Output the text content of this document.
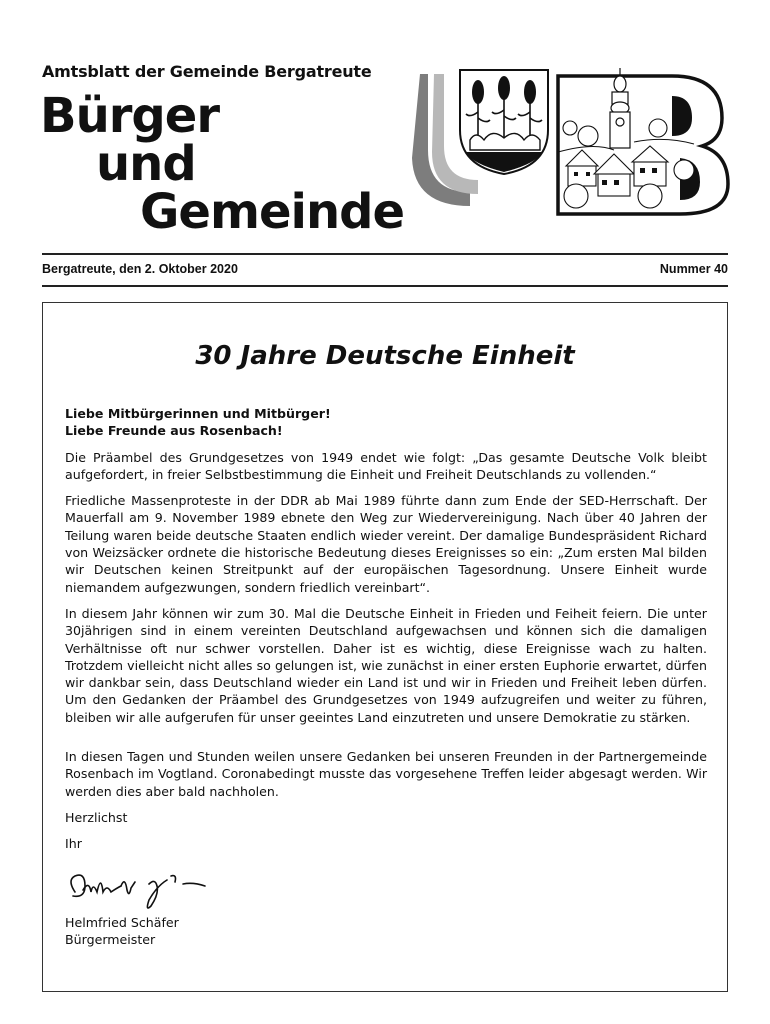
Amtsblatt der Gemeinde Bergatreute
Bürger
und
Gemeinde
B
Bergatreute, den 2. Oktober 2020	Nummer 40
30 Jahre Deutsche Einheit

Liebe Mitbürgerinnen und Mitbürger!
Liebe Freunde aus Rosenbach!

Die Präambel des Grundgesetzes von 1949 endet wie folgt: „Das gesamte Deutsche Volk bleibt aufgefordert, in freier Selbstbestimmung die Einheit und Freiheit Deutschlands zu vollenden.“

Friedliche Massenproteste in der DDR ab Mai 1989 führte dann zum Ende der SED-Herrschaft. Der Mauerfall am 9. November 1989 ebnete den Weg zur Wiedervereinigung. Nach über 40 Jahren der Teilung waren beide deutsche Staaten endlich wieder vereint. Der damalige Bundespräsident Richard von Weizsäcker ordnete die historische Bedeutung dieses Ereignisses so ein: „Zum ersten Mal bilden wir Deutschen keinen Streitpunkt auf der europäischen Tagesordnung. Unsere Einheit wurde niemandem aufgezwungen, sondern friedlich vereinbart“.

In diesem Jahr können wir zum 30. Mal die Deutsche Einheit in Frieden und Feiheit feiern. Die unter 30jährigen sind in einem vereinten Deutschland aufgewachsen und können sich die damaligen Verhältnisse oft nur schwer vorstellen. Daher ist es wichtig, diese Ereignisse wach zu halten. Trotzdem vielleicht nicht alles so gelungen ist, wie zunächst in einer ersten Euphorie erwartet, dürfen wir dankbar sein, dass Deutschland wieder ein Land ist und wir in Frieden und Freiheit leben dürfen. Um den Gedanken der Präambel des Grundgesetzes von 1949 aufzugreifen und weiter zu führen, bleiben wir alle aufgerufen für unser geeintes Land einzutreten und unsere Demokratie zu stärken.

In diesen Tagen und Stunden weilen unsere Gedanken bei unseren Freunden in der Partnergemeinde Rosenbach im Vogtland. Coronabedingt musste das vorgesehene Treffen leider abgesagt werden. Wir werden dies aber bald nachholen.

Herzlichst

Ihr

Helmfried Schäfer
Bürgermeister
